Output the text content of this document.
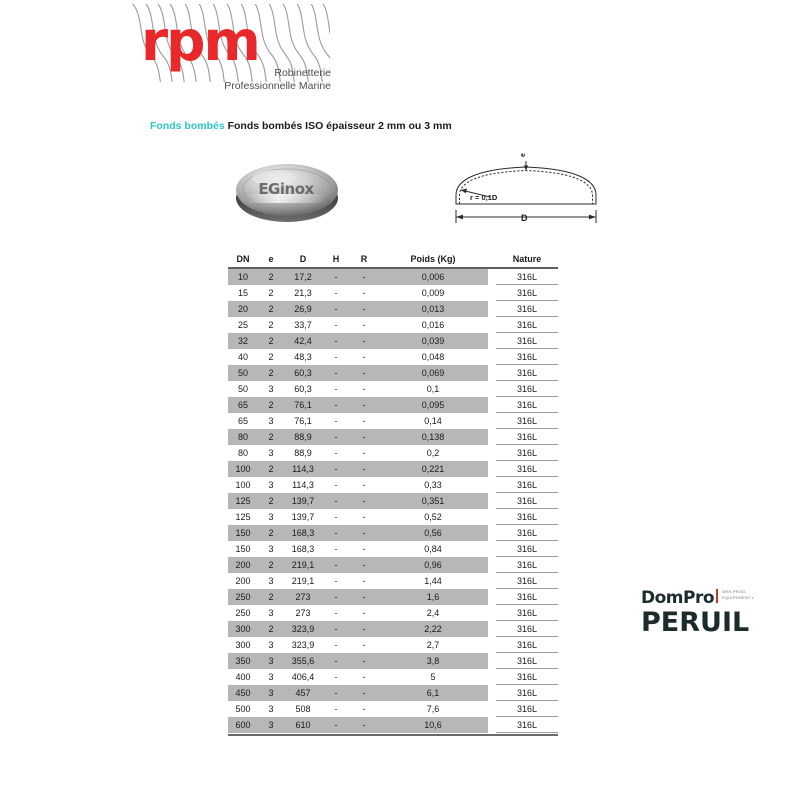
rpm	Robinetterie
Professionnelle Marine
Fonds bombés Fonds bombés ISO épaisseur 2 mm ou 3 mm
EGinox
e
r = 0,1D
D
DN	e	D	H	R	Poids (Kg)		Nature
10	2	17,2	-	-	0,006		316L
15	2	21,3	-	-	0,009		316L
20	2	26,9	-	-	0,013		316L
25	2	33,7	-	-	0,016		316L
32	2	42,4	-	-	0,039		316L
40	2	48,3	-	-	0,048		316L
50	2	60,3	-	-	0,069		316L
50	3	60,3	-	-	0,1		316L
65	2	76,1	-	-	0,095		316L
65	3	76,1	-	-	0,14		316L
80	2	88,9	-	-	0,138		316L
80	3	88,9	-	-	0,2		316L
100	2	114,3	-	-	0,221		316L
100	3	114,3	-	-	0,33		316L
125	2	139,7	-	-	0,351		316L
125	3	139,7	-	-	0,52		316L
150	2	168,3	-	-	0,56		316L
150	3	168,3	-	-	0,84		316L
200	2	219,1	-	-	0,96		316L
200	3	219,1	-	-	1,44		316L
250	2	273	-	-	1,6		316L
250	3	273	-	-	2,4		316L
300	2	323,9	-	-	2,22		316L
300	3	323,9	-	-	2,7		316L
350	3	355,6	-	-	3,8		316L
400	3	406,4	-	-	5		316L
450	3	457	-	-	6,1		316L
500	3	508	-	-	7,6		316L
600	3	610	-	-	10,6		316L
DomPro WES PROD.
EQUIPEMENT L
PERUIL
